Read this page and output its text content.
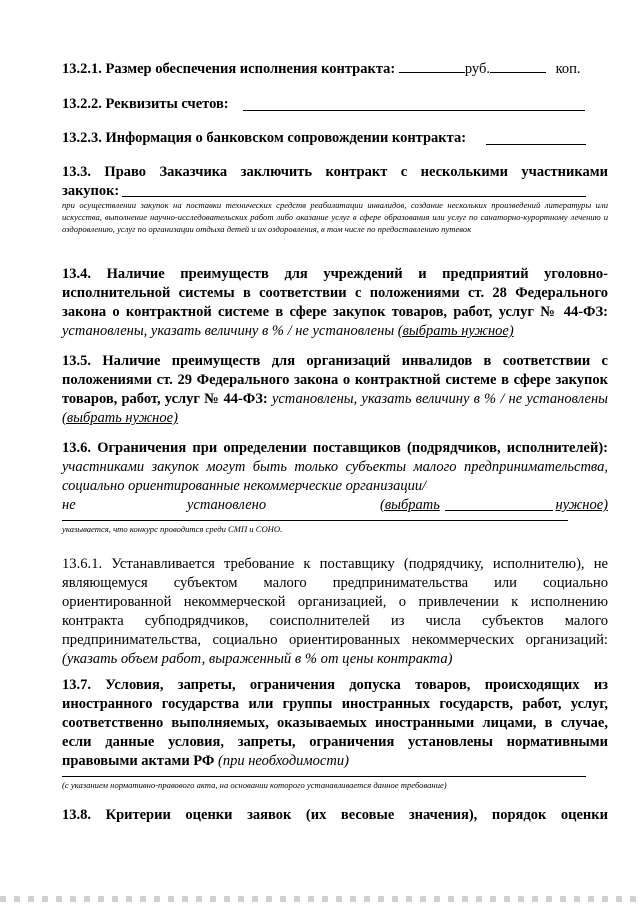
13.2.1. Размер обеспечения исполнения контракта:	руб.	коп.
13.2.2. Реквизиты счетов:
13.2.3. Информация о банковском сопровождении контракта:
13.3. Право Заказчика заключить контракт с несколькими участниками
закупок:
при осуществлении закупок на поставки технических средств реабилитации инвалидов, создание нескольких произведений литературы или искусства, выполнение научно-исследовательских работ либо оказание услуг в сфере образования или услуг по санаторно-курортному лечению и оздоровлению, услуг по организации отдыха детей и их оздоровления, в том числе по предоставлению путевок
13.4. Наличие преимуществ для учреждений и предприятий уголовно-исполнительной системы в соответствии с положениями ст. 28 Федерального закона о контрактной системе в сфере закупок товаров, работ, услуг № 44-ФЗ: установлены, указать величину в % / не установлены (выбрать нужное)
13.5. Наличие преимуществ для организаций инвалидов в соответствии с положениями ст. 29 Федерального закона о контрактной системе в сфере закупок товаров, работ, услуг № 44-ФЗ: установлены, указать величину в % / не установлены (выбрать нужное)
13.6. Ограничения при определении поставщиков (подрядчиков, исполнителей): участниками закупок могут быть только субъекты малого предпринимательства, социально ориентированные некоммерческие организации/
не	установлено	(выбрать	нужное)
указывается, что конкурс проводится среди СМП и СОНО.
13.6.1. Устанавливается требование к поставщику (подрядчику, исполнителю), не являющемуся субъектом малого предпринимательства или социально ориентированной некоммерческой организацией, о привлечении к исполнению контракта субподрядчиков, соисполнителей из числа субъектов малого предпринимательства, социально ориентированных некоммерческих организаций: (указать объем работ, выраженный в % от цены контракта)
13.7. Условия, запреты, ограничения допуска товаров, происходящих из иностранного государства или группы иностранных государств, работ, услуг, соответственно выполняемых, оказываемых иностранными лицами, в случае, если данные условия, запреты, ограничения установлены нормативными правовыми актами РФ (при необходимости)
(с указанием нормативно-правового акта, на основании которого устанавливается данное требование)
13.8. Критерии оценки заявок (их весовые значения), порядок оценки
